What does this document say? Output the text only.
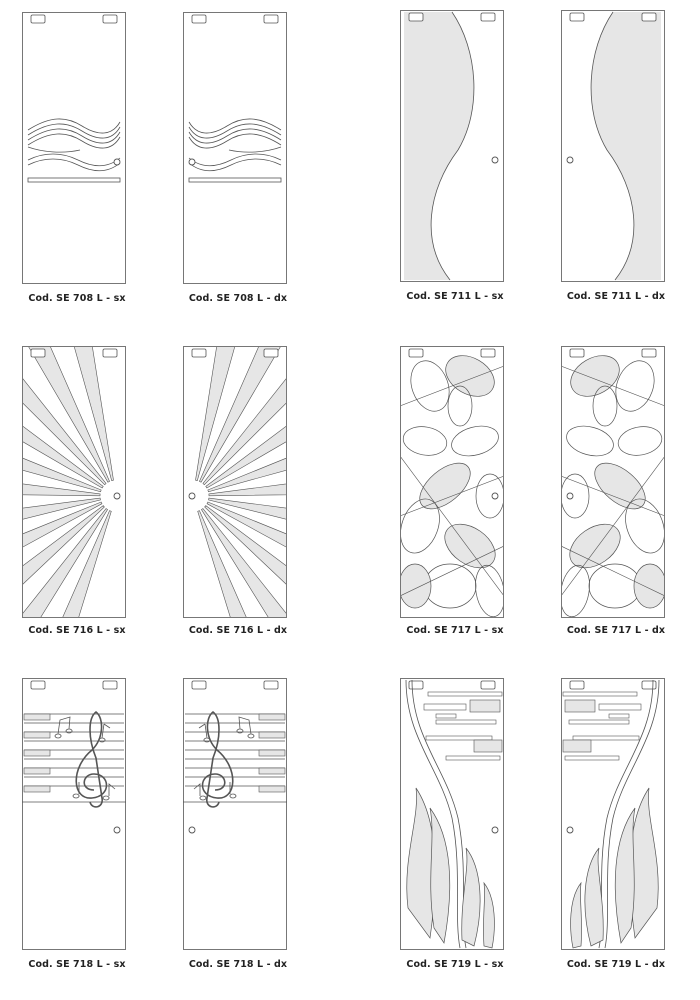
Cod. SE 708 L - sx	Cod. SE 708 L - dx	Cod. SE 711 L - sx	Cod. SE 711 L - dx
Cod. SE 716 L - sx	Cod. SE 716 L - dx	Cod. SE 717 L - sx	Cod. SE 717 L - dx
Cod. SE 718 L - sx	Cod. SE 718 L - dx	Cod. SE 719 L - sx	Cod. SE 719 L - dx
